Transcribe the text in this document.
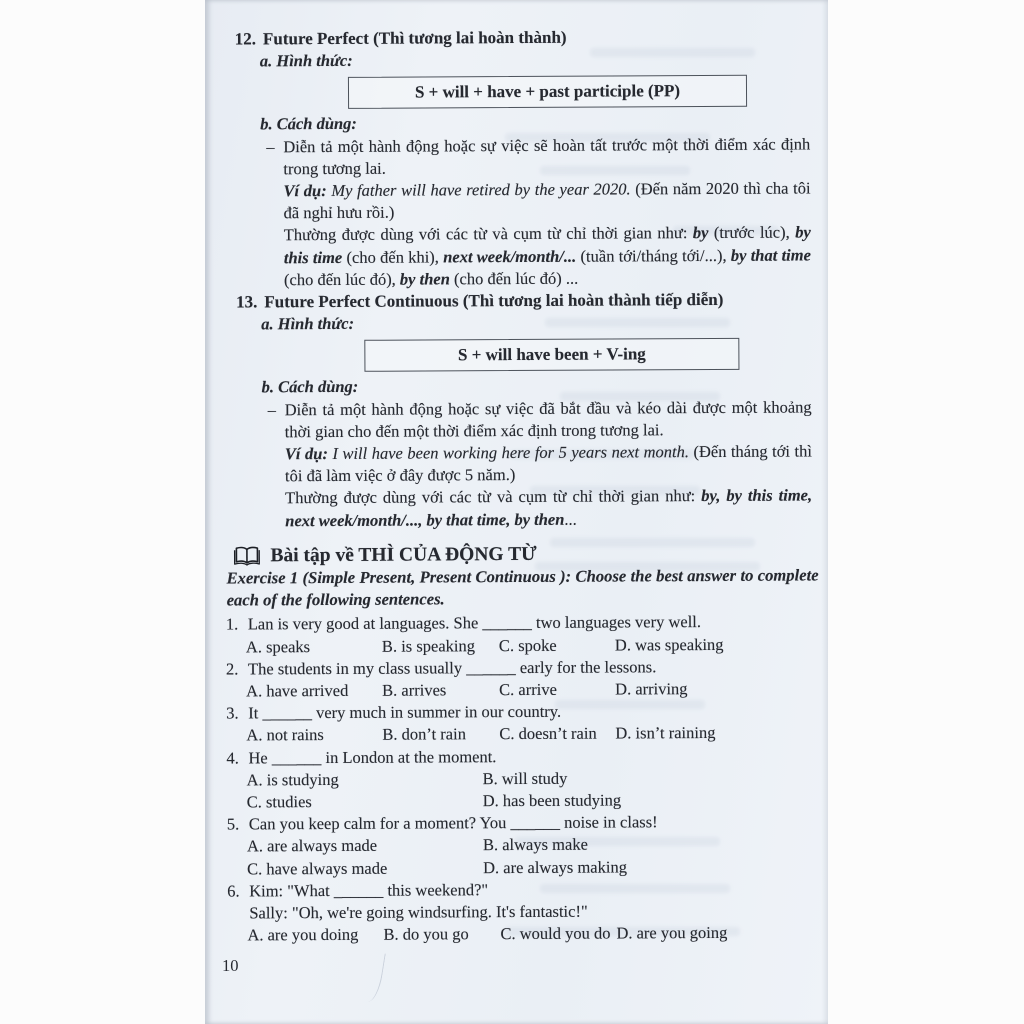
12. Future Perfect (Thì tương lai hoàn thành)
a. Hình thức:
S + will + have + past participle (PP)
b. Cách dùng:
– Diễn tả một hành động hoặc sự việc sẽ hoàn tất trước một thời điểm xác định trong tương lai.
Ví dụ: My father will have retired by the year 2020. (Đến năm 2020 thì cha tôi đã nghỉ hưu rồi.)
Thường được dùng với các từ và cụm từ chỉ thời gian như: by (trước lúc), by this time (cho đến khi), next week/month/... (tuần tới/tháng tới/...), by that time (cho đến lúc đó), by then (cho đến lúc đó) ...
13. Future Perfect Continuous (Thì tương lai hoàn thành tiếp diễn)
a. Hình thức:
S + will have been + V-ing
b. Cách dùng:
– Diễn tả một hành động hoặc sự việc đã bắt đầu và kéo dài được một khoảng thời gian cho đến một thời điểm xác định trong tương lai.
Ví dụ: I will have been working here for 5 years next month. (Đến tháng tới thì tôi đã làm việc ở đây được 5 năm.)
Thường được dùng với các từ và cụm từ chỉ thời gian như: by, by this time, next week/month/..., by that time, by then...
Bài tập về THÌ CỦA ĐỘNG TỪ
Exercise 1 (Simple Present, Present Continuous ): Choose the best answer to complete each of the following sentences.
1. Lan is very good at languages. She ______ two languages very well.
A. speaks	B. is speaking C. spoke	D. was speaking
2. The students in my class usually ______ early for the lessons.
A. have arrived B. arrives	C. arrive	D. arriving
3. It ______ very much in summer in our country.
A. not rains	B. don’t rain C. doesn’t rain D. isn’t raining
4. He ______ in London at the moment.
A. is studying	B. will study
C. studies	D. has been studying
5. Can you keep calm for a moment? You ______ noise in class!
A. are always made	B. always make
C. have always made	D. are always making
6. Kim: "What ______ this weekend?"
Sally: "Oh, we're going windsurfing. It's fantastic!"
A. are you doing B. do you go C. would you do D. are you going
10
